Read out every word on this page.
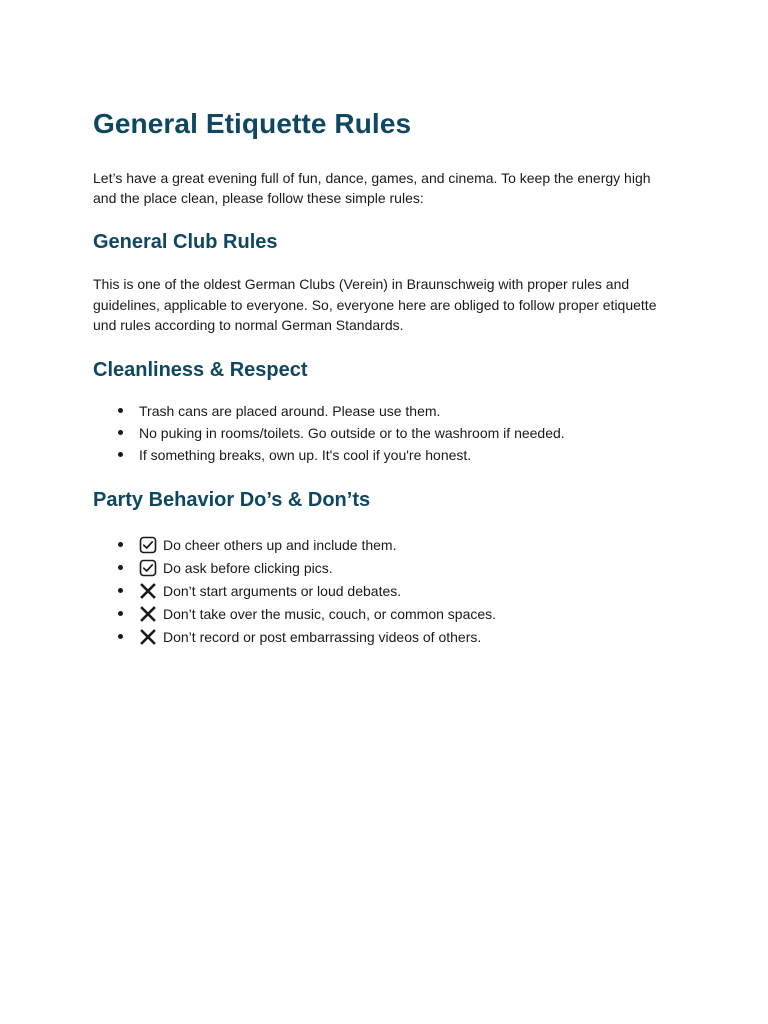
General Etiquette Rules

Let’s have a great evening full of fun, dance, games, and cinema. To keep the energy high and the place clean, please follow these simple rules:

General Club Rules

This is one of the oldest German Clubs (Verein) in Braunschweig with proper rules and guidelines, applicable to everyone. So, everyone here are obliged to follow proper etiquette und rules according to normal German Standards.

Cleanliness & Respect
Trash cans are placed around. Please use them.
No puking in rooms/toilets. Go outside or to the washroom if needed.
If something breaks, own up. It's cool if you're honest.
Party Behavior Do’s & Don’ts
Do cheer others up and include them.
Do ask before clicking pics.
Don’t start arguments or loud debates.
Don’t take over the music, couch, or common spaces.
Don’t record or post embarrassing videos of others.
